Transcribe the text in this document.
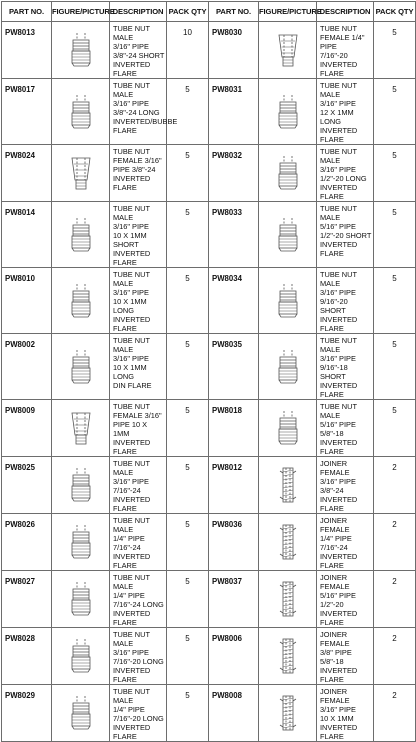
PART NO.	FIGURE/PICTURE	DESCRIPTION	PACK QTY	PART NO.	FIGURE/PICTURE	DESCRIPTION	PACK QTY
PW8013		TUBE NUT MALE
3/16" PIPE
3/8"-24 SHORT
INVERTED FLARE	10	PW8030		TUBE NUT
FEMALE 1/4" PIPE
7/16"-20
INVERTED FLARE	5
PW8017		TUBE NUT MALE
3/16" PIPE
3/8"-24 LONG
INVERTED/BUBBE
FLARE	5	PW8031		TUBE NUT MALE
3/16" PIPE
12 X 1MM LONG
INVERTED FLARE	5
PW8024		TUBE NUT
FEMALE 3/16"
PIPE 3/8"-24
INVERTED FLARE	5	PW8032		TUBE NUT MALE
3/16" PIPE
1/2"-20 LONG
INVERTED FLARE	5
PW8014		TUBE NUT MALE
3/16" PIPE
10 X 1MM SHORT
INVERTED FLARE	5	PW8033		TUBE NUT MALE
5/16" PIPE
1/2"-20 SHORT
INVERTED FLARE	5
PW8010		TUBE NUT MALE
3/16" PIPE
10 X 1MM LONG
INVERTED FLARE	5	PW8034		TUBE NUT MALE
3/16" PIPE
9/16"-20 SHORT
INVERTED FLARE	5
PW8002		TUBE NUT MALE
3/16" PIPE
10 X 1MM LONG
DIN FLARE	5	PW8035		TUBE NUT MALE
3/16" PIPE
9/16"-18 SHORT
INVERTED FLARE	5
PW8009		TUBE NUT
FEMALE 3/16"
PIPE 10 X 1MM
INVERTED FLARE	5	PW8018		TUBE NUT MALE
5/16" PIPE
5/8"-18
INVERTED FLARE	5
PW8025		TUBE NUT MALE
3/16" PIPE
7/16"-24
INVERTED FLARE	5	PW8012		JOINER FEMALE
3/16" PIPE
3/8"-24
INVERTED FLARE	2
PW8026		TUBE NUT MALE
1/4" PIPE
7/16"-24
INVERTED FLARE	5	PW8036		JOINER FEMALE
1/4" PIPE
7/16"-24
INVERTED FLARE	2
PW8027		TUBE NUT MALE
1/4" PIPE
7/16"-24 LONG
INVERTED FLARE	5	PW8037		JOINER FEMALE
5/16" PIPE
1/2"-20
INVERTED FLARE	2
PW8028		TUBE NUT MALE
3/16" PIPE
7/16"-20 LONG
INVERTED FLARE	5	PW8006		JOINER FEMALE
3/8" PIPE
5/8"-18
INVERTED FLARE	2
PW8029		TUBE NUT MALE
1/4" PIPE
7/16"-20 LONG
INVERTED FLARE	5	PW8008		JOINER FEMALE
3/16" PIPE
10 X 1MM
INVERTED FLARE	2
